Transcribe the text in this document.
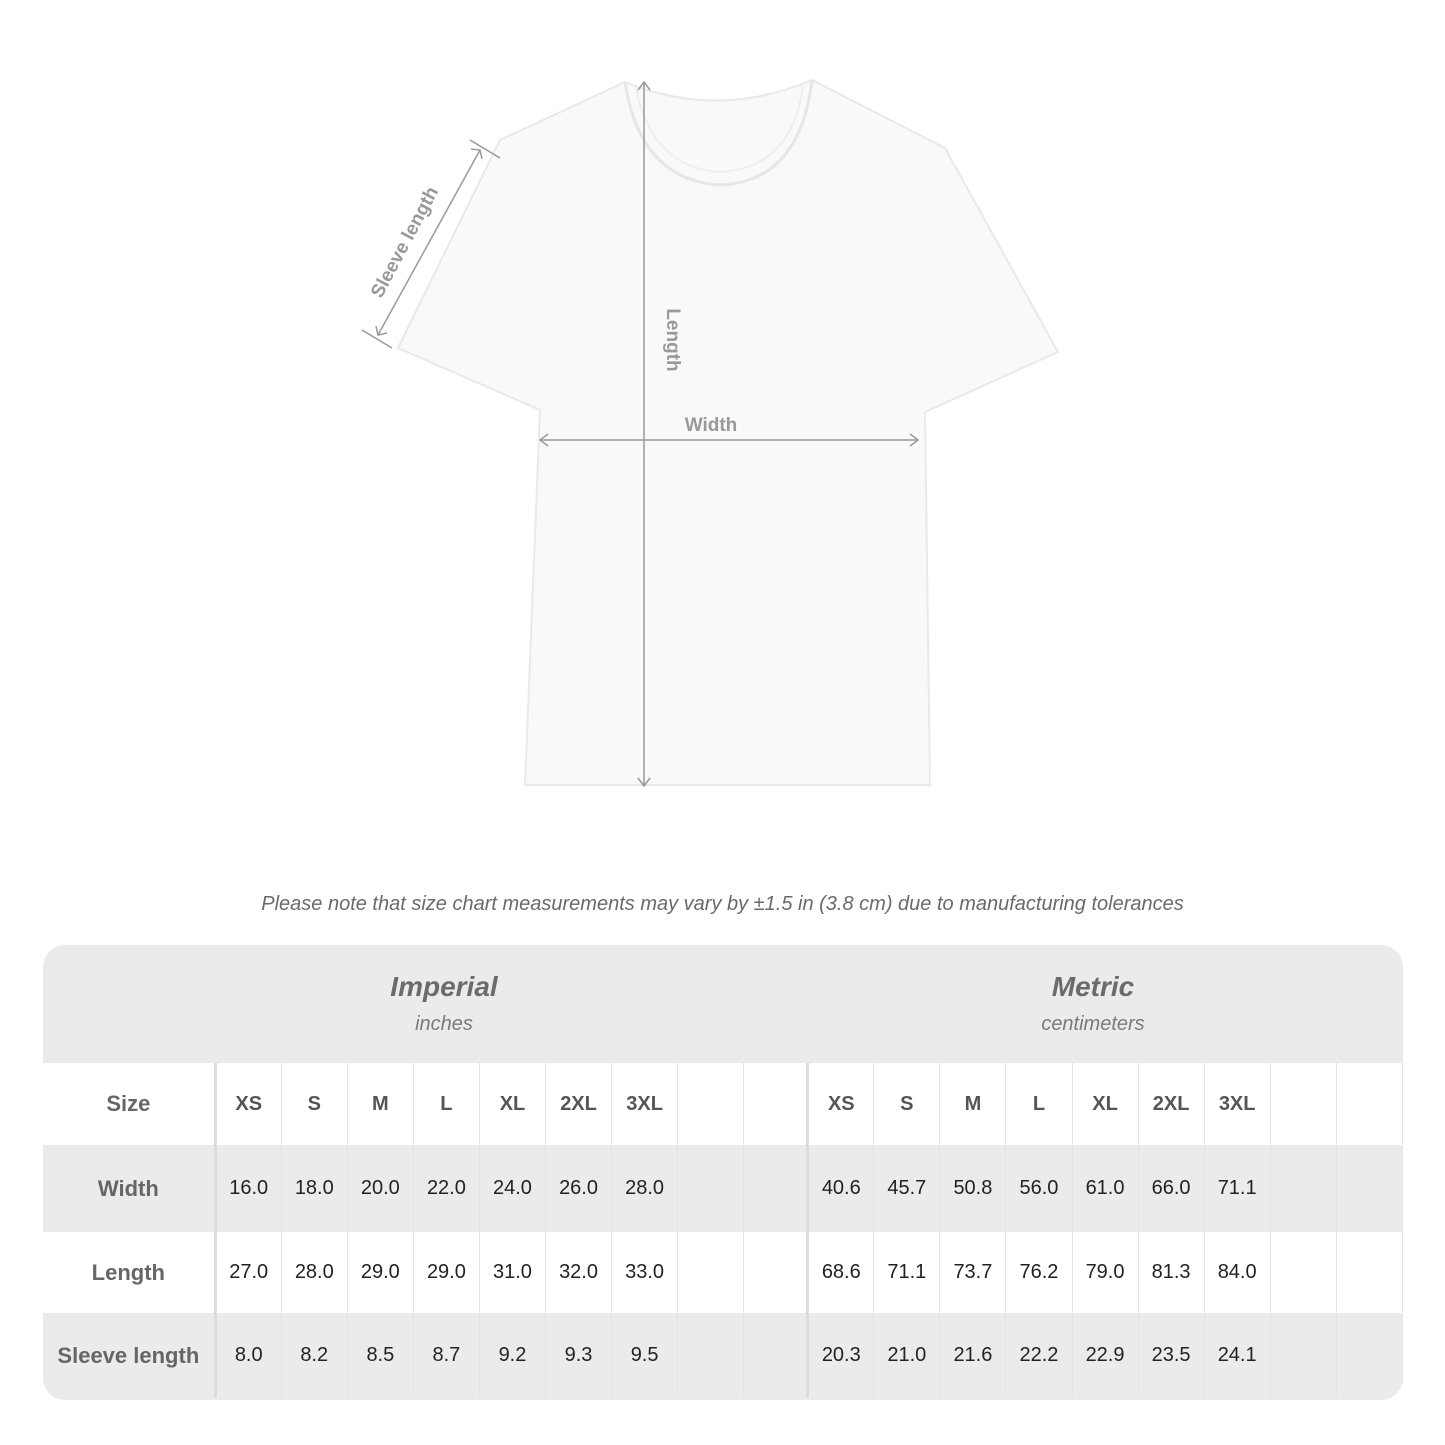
Sleeve length
Length
Width
Please note that size chart measurements may vary by ±1.5 in (3.8 cm) due to manufacturing tolerances
Imperial
inches
Metric
centimeters
Size	XS	S	M	L	XL	2XL	3XL			XS	S	M	L	XL	2XL	3XL		
Width	16.0	18.0	20.0	22.0	24.0	26.0	28.0			40.6	45.7	50.8	56.0	61.0	66.0	71.1		
Length	27.0	28.0	29.0	29.0	31.0	32.0	33.0			68.6	71.1	73.7	76.2	79.0	81.3	84.0		
Sleeve length	8.0	8.2	8.5	8.7	9.2	9.3	9.5			20.3	21.0	21.6	22.2	22.9	23.5	24.1		
